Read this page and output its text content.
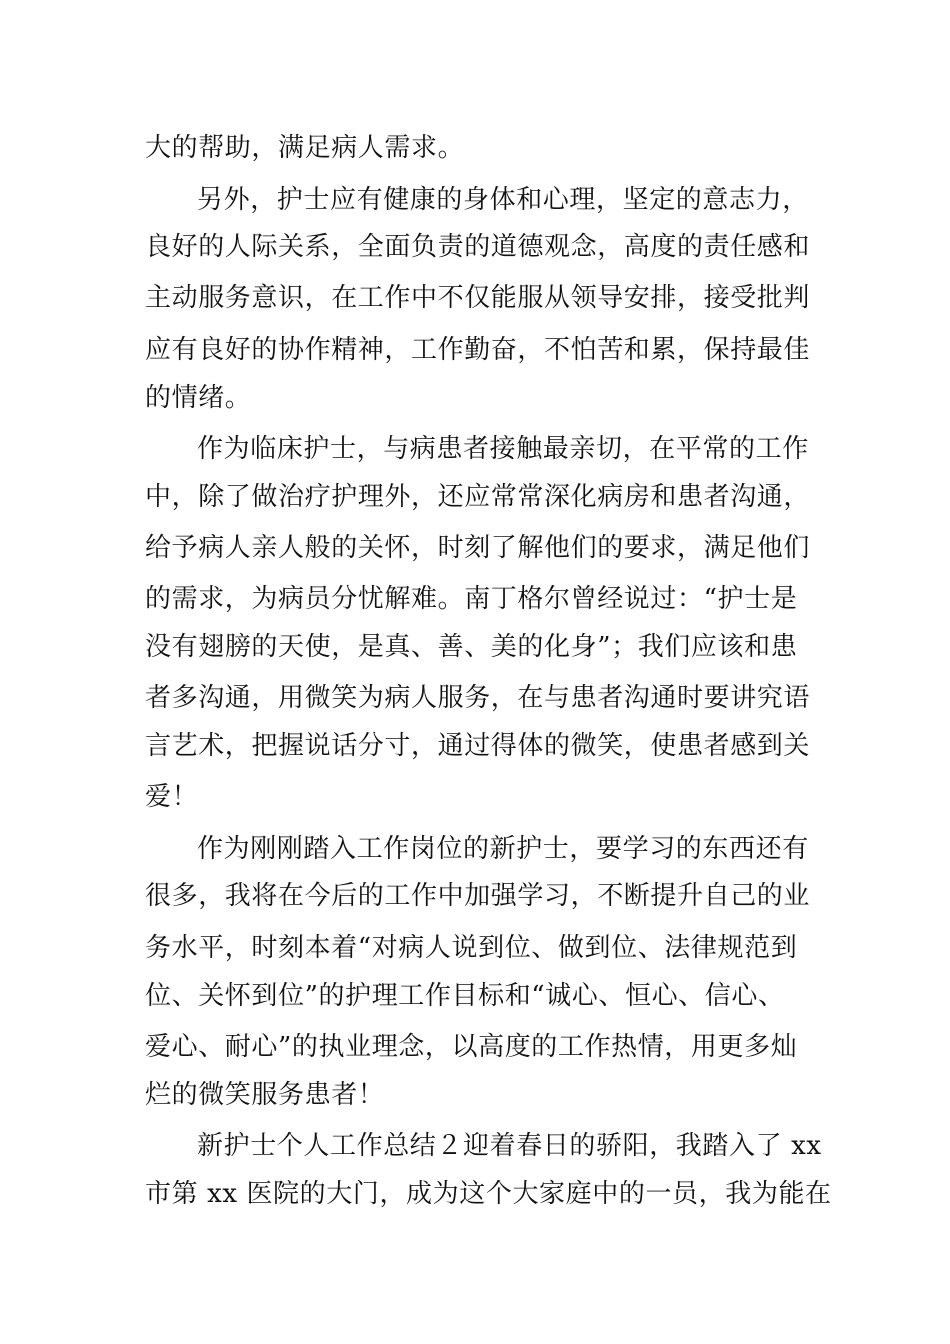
大的帮助，满足病人需求。
另外，护士应有健康的身体和心理，坚定的意志力，
良好的人际关系，全面负责的道德观念，高度的责任感和
主动服务意识，在工作中不仅能服从领导安排，接受批判
应有良好的协作精神，工作勤奋，不怕苦和累，保持最佳
的情绪。
作为临床护士，与病患者接触最亲切，在平常的工作
中，除了做治疗护理外，还应常常深化病房和患者沟通，
给予病人亲人般的关怀，时刻了解他们的要求，满足他们
的需求，为病员分忧解难。南丁格尔曾经说过：“护士是
没有翅膀的天使，是真、善、美的化身”；我们应该和患
者多沟通，用微笑为病人服务，在与患者沟通时要讲究语
言艺术，把握说话分寸，通过得体的微笑，使患者感到关
爱！
作为刚刚踏入工作岗位的新护士，要学习的东西还有
很多，我将在今后的工作中加强学习，不断提升自己的业
务水平，时刻本着“对病人说到位、做到位、法律规范到
位、关怀到位”的护理工作目标和“诚心、恒心、信心、
爱心、耐心”的执业理念，以高度的工作热情，用更多灿
烂的微笑服务患者！
新护士个人工作总结２迎着春日的骄阳，我踏入了 xx
市第 xx 医院的大门，成为这个大家庭中的一员，我为能在
